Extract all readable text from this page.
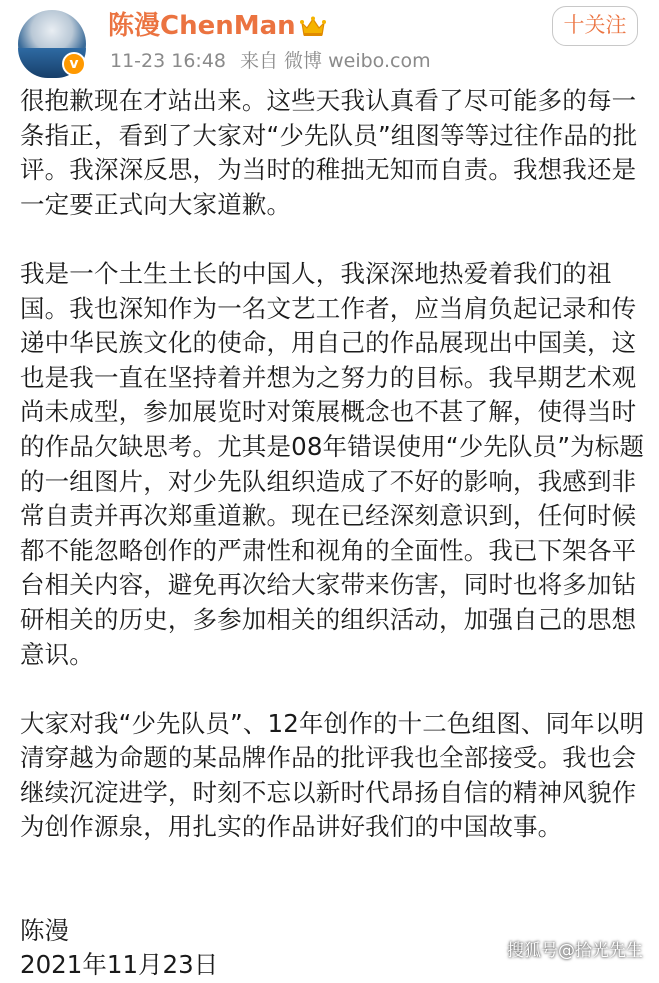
v
陈漫ChenMan
11-23 16:48 来自 微博 weibo.com
十关注

很抱歉现在才站出来。这些天我认真看了尽可能多的每一条指正，看到了大家对“少先队员”组图等等过往作品的批评。我深深反思，为当时的稚拙无知而自责。我想我还是一定要正式向大家道歉。

我是一个土生土长的中国人，我深深地热爱着我们的祖国。我也深知作为一名文艺工作者，应当肩负起记录和传递中华民族文化的使命，用自己的作品展现出中国美，这也是我一直在坚持着并想为之努力的目标。我早期艺术观尚未成型，参加展览时对策展概念也不甚了解，使得当时的作品欠缺思考。尤其是08年错误使用“少先队员”为标题的一组图片，对少先队组织造成了不好的影响，我感到非常自责并再次郑重道歉。现在已经深刻意识到，任何时候都不能忽略创作的严肃性和视角的全面性。我已下架各平台相关内容，避免再次给大家带来伤害，同时也将多加钻研相关的历史，多参加相关的组织活动，加强自己的思想意识。

大家对我“少先队员”、12年创作的十二色组图、同年以明清穿越为命题的某品牌作品的批评我也全部接受。我也会继续沉淀进学，时刻不忘以新时代昂扬自信的精神风貌作为创作源泉，用扎实的作品讲好我们的中国故事。

陈漫
2021年11月23日	搜狐号@拾光先生
